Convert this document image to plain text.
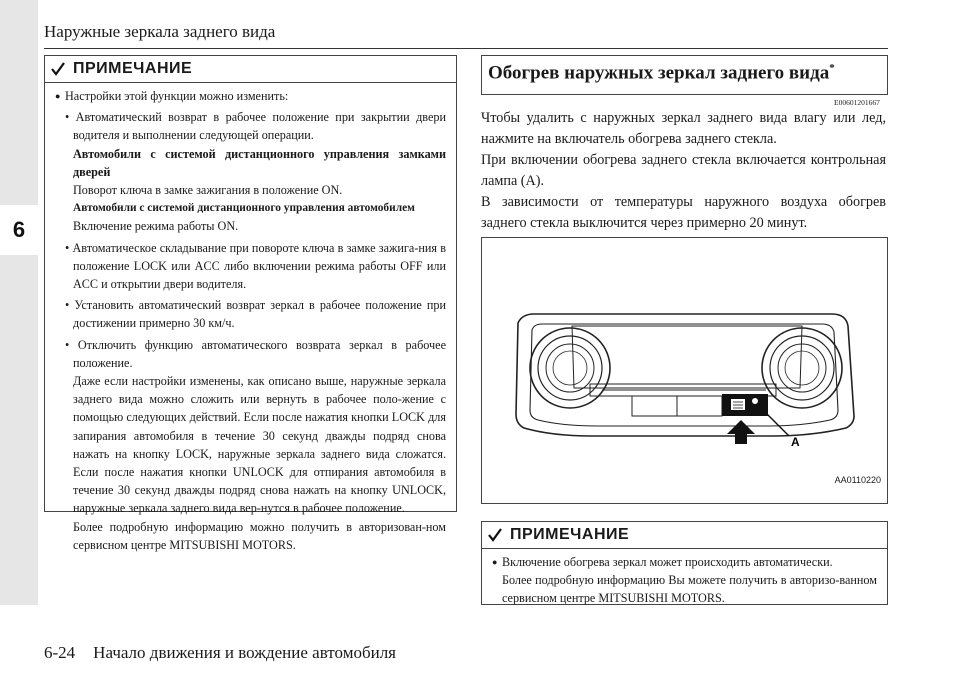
6
Наружные зеркала заднего вида
ПРИМЕЧАНИЕ

● Настройки этой функции можно изменить:

• Автоматический возврат в рабочее положение при закрытии двери водителя и выполнении следующей операции.

Автомобили с системой дистанционного управления замками дверей

Поворот ключа в замке зажигания в положение ON.

Автомобили с системой дистанционного управления автомобилем

Включение режима работы ON.

• Автоматическое складывание при повороте ключа в замке зажига-ния в положение LOCK или ACC либо включении режима работы OFF или ACC и открытии двери водителя.

• Установить автоматический возврат зеркал в рабочее положение при достижении примерно 30 км/ч.

• Отключить функцию автоматического возврата зеркал в рабочее положение.

Даже если настройки изменены, как описано выше, наружные зеркала заднего вида можно сложить или вернуть в рабочее поло-жение с помощью следующих действий. Если после нажатия кнопки LOCK для запирания автомобиля в течение 30 секунд дважды подряд снова нажать на кнопку LOCK, наружные зеркала заднего вида сложатся. Если после нажатия кнопки UNLOCK для отпирания автомобиля в течение 30 секунд дважды подряд снова нажать на кнопку UNLOCK, наружные зеркала заднего вида вер-нутся в рабочее положение.

Более подробную информацию можно получить в авторизован-ном сервисном центре MITSUBISHI MOTORS.

Обогрев наружных зеркал заднего вида*
E00601201667
Чтобы удалить с наружных зеркал заднего вида влагу или лед, нажмите на включатель обогрева заднего стекла.
При включении обогрева заднего стекла включается контрольная лампа (A).
В зависимости от температуры наружного воздуха обогрев заднего стекла выключится через примерно 20 минут.
A
AA0110220
ПРИМЕЧАНИЕ

● Включение обогрева зеркал может происходить автоматически.

Более подробную информацию Вы можете получить в авторизо-ванном сервисном центре MITSUBISHI MOTORS.

6-24 Начало движения и вождение автомобиля
